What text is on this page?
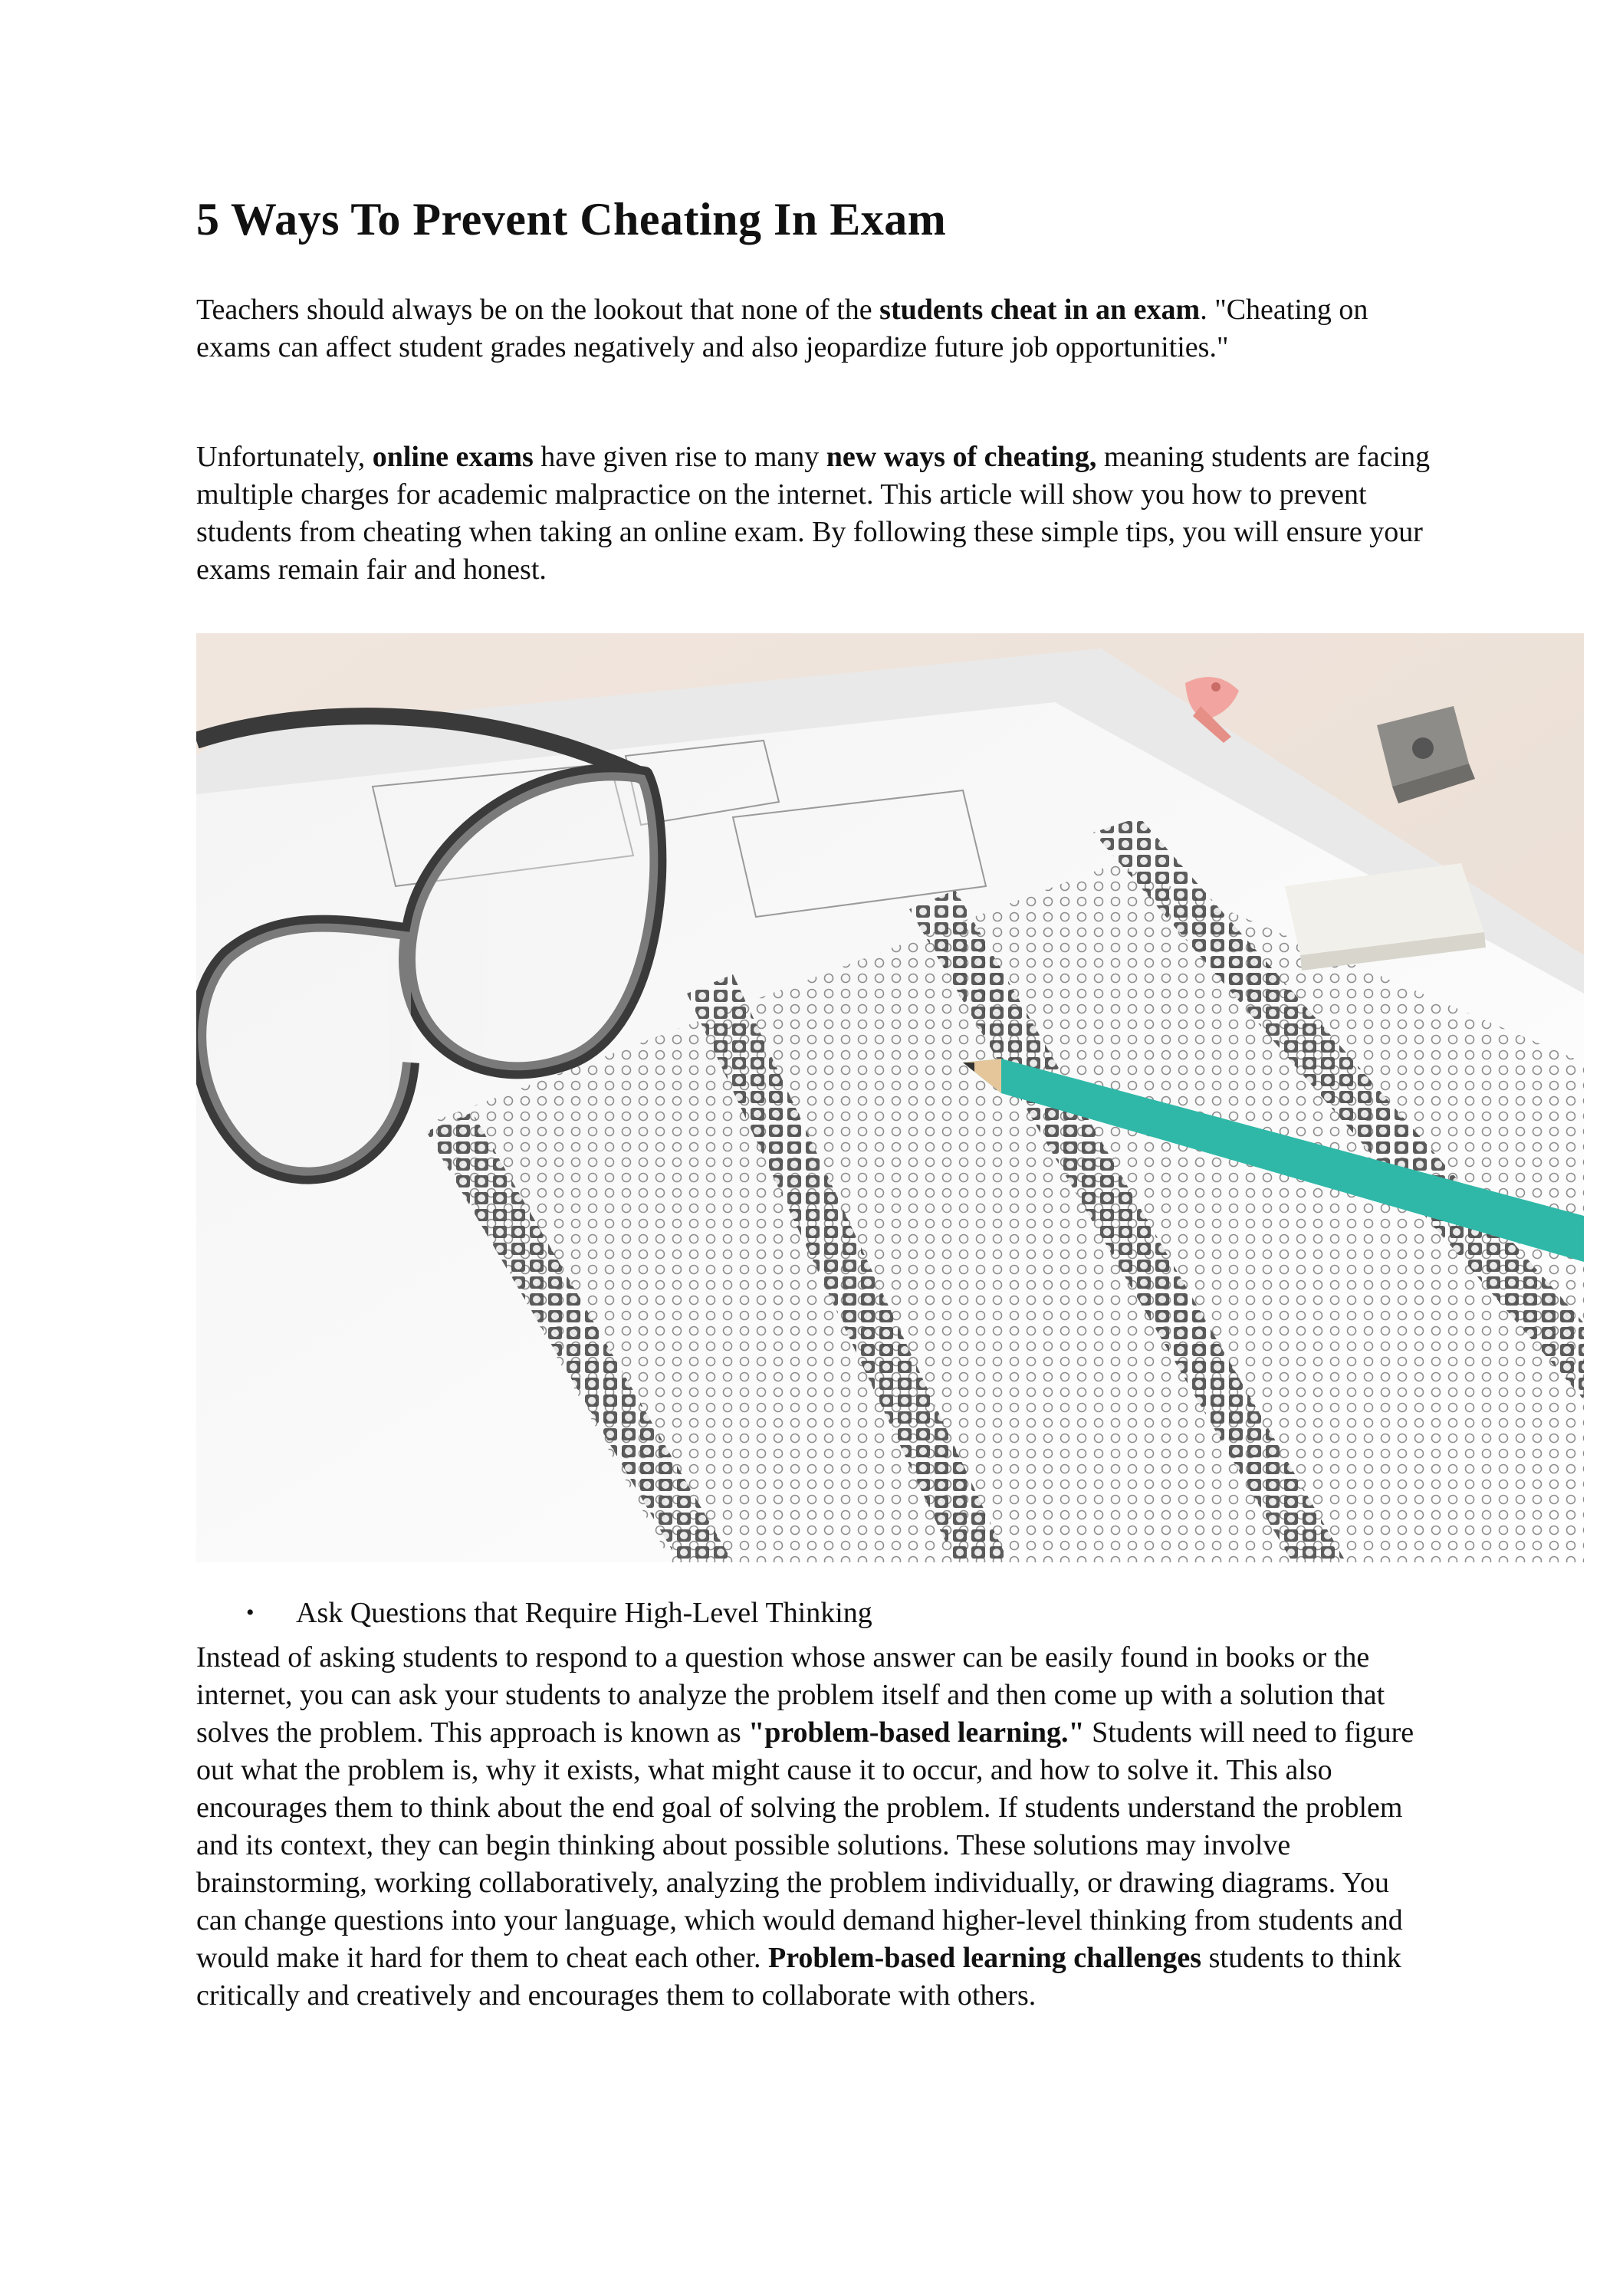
5 Ways To Prevent Cheating In Exam

Teachers should always be on the lookout that none of the students cheat in an exam. "Cheating on exams can affect student grades negatively and also jeopardize future job opportunities."

Unfortunately, online exams have given rise to many new ways of cheating, meaning students are facing multiple charges for academic malpractice on the internet. This article will show you how to prevent students from cheating when taking an online exam. By following these simple tips, you will ensure your exams remain fair and honest.

• Ask Questions that Require High-Level Thinking

Instead of asking students to respond to a question whose answer can be easily found in books or the internet, you can ask your students to analyze the problem itself and then come up with a solution that solves the problem. This approach is known as "problem-based learning." Students will need to figure out what the problem is, why it exists, what might cause it to occur, and how to solve it. This also encourages them to think about the end goal of solving the problem. If students understand the problem and its context, they can begin thinking about possible solutions. These solutions may involve brainstorming, working collaboratively, analyzing the problem individually, or drawing diagrams. You can change questions into your language, which would demand higher-level thinking from students and would make it hard for them to cheat each other. Problem-based learning challenges students to think critically and creatively and encourages them to collaborate with others.
